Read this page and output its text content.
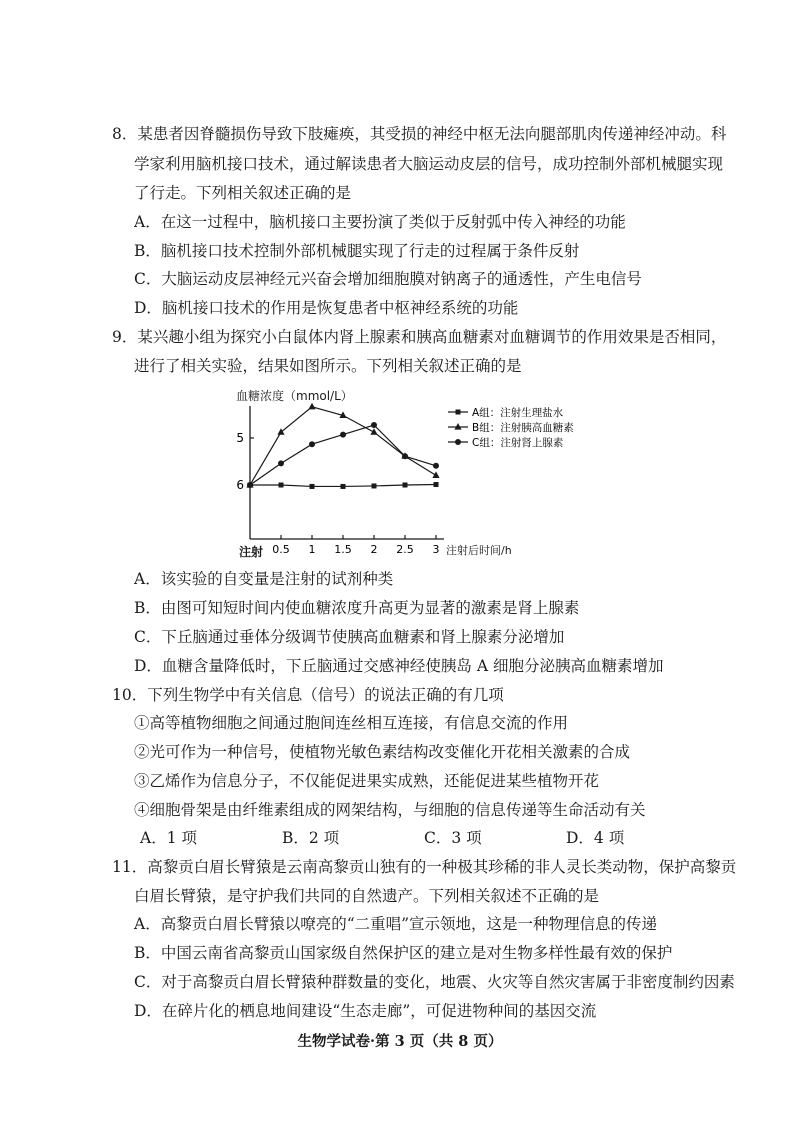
8．某患者因脊髓损伤导致下肢瘫痪，其受损的神经中枢无法向腿部肌肉传递神经冲动。科
学家利用脑机接口技术，通过解读患者大脑运动皮层的信号，成功控制外部机械腿实现
了行走。下列相关叙述正确的是
A．在这一过程中，脑机接口主要扮演了类似于反射弧中传入神经的功能
B．脑机接口技术控制外部机械腿实现了行走的过程属于条件反射
C．大脑运动皮层神经元兴奋会增加细胞膜对钠离子的通透性，产生电信号
D．脑机接口技术的作用是恢复患者中枢神经系统的功能
9．某兴趣小组为探究小白鼠体内肾上腺素和胰高血糖素对血糖调节的作用效果是否相同，
进行了相关实验，结果如图所示。下列相关叙述正确的是
血糖浓度（mmol/L）
注射	注射后时间/h
5
6
0.5 1 1.5 2 2.5 3
A组：注射生理盐水
B组：注射胰高血糖素
C组：注射肾上腺素
A．该实验的自变量是注射的试剂种类
B．由图可知短时间内使血糖浓度升高更为显著的激素是肾上腺素
C．下丘脑通过垂体分级调节使胰高血糖素和肾上腺素分泌增加
D．血糖含量降低时，下丘脑通过交感神经使胰岛 A 细胞分泌胰高血糖素增加
10．下列生物学中有关信息（信号）的说法正确的有几项
①高等植物细胞之间通过胞间连丝相互连接，有信息交流的作用
②光可作为一种信号，使植物光敏色素结构改变催化开花相关激素的合成
③乙烯作为信息分子，不仅能促进果实成熟，还能促进某些植物开花
④细胞骨架是由纤维素组成的网架结构，与细胞的信息传递等生命活动有关
A．1 项	B．2 项	C．3 项	D．4 项
11．高黎贡白眉长臂猿是云南高黎贡山独有的一种极其珍稀的非人灵长类动物，保护高黎贡
白眉长臂猿，是守护我们共同的自然遗产。下列相关叙述不正确的是
A．高黎贡白眉长臂猿以嘹亮的“二重唱”宣示领地，这是一种物理信息的传递
B．中国云南省高黎贡山国家级自然保护区的建立是对生物多样性最有效的保护
C．对于高黎贡白眉长臂猿种群数量的变化，地震、火灾等自然灾害属于非密度制约因素
D．在碎片化的栖息地间建设“生态走廊”，可促进物种间的基因交流
生物学试卷·第 3 页（共 8 页）
